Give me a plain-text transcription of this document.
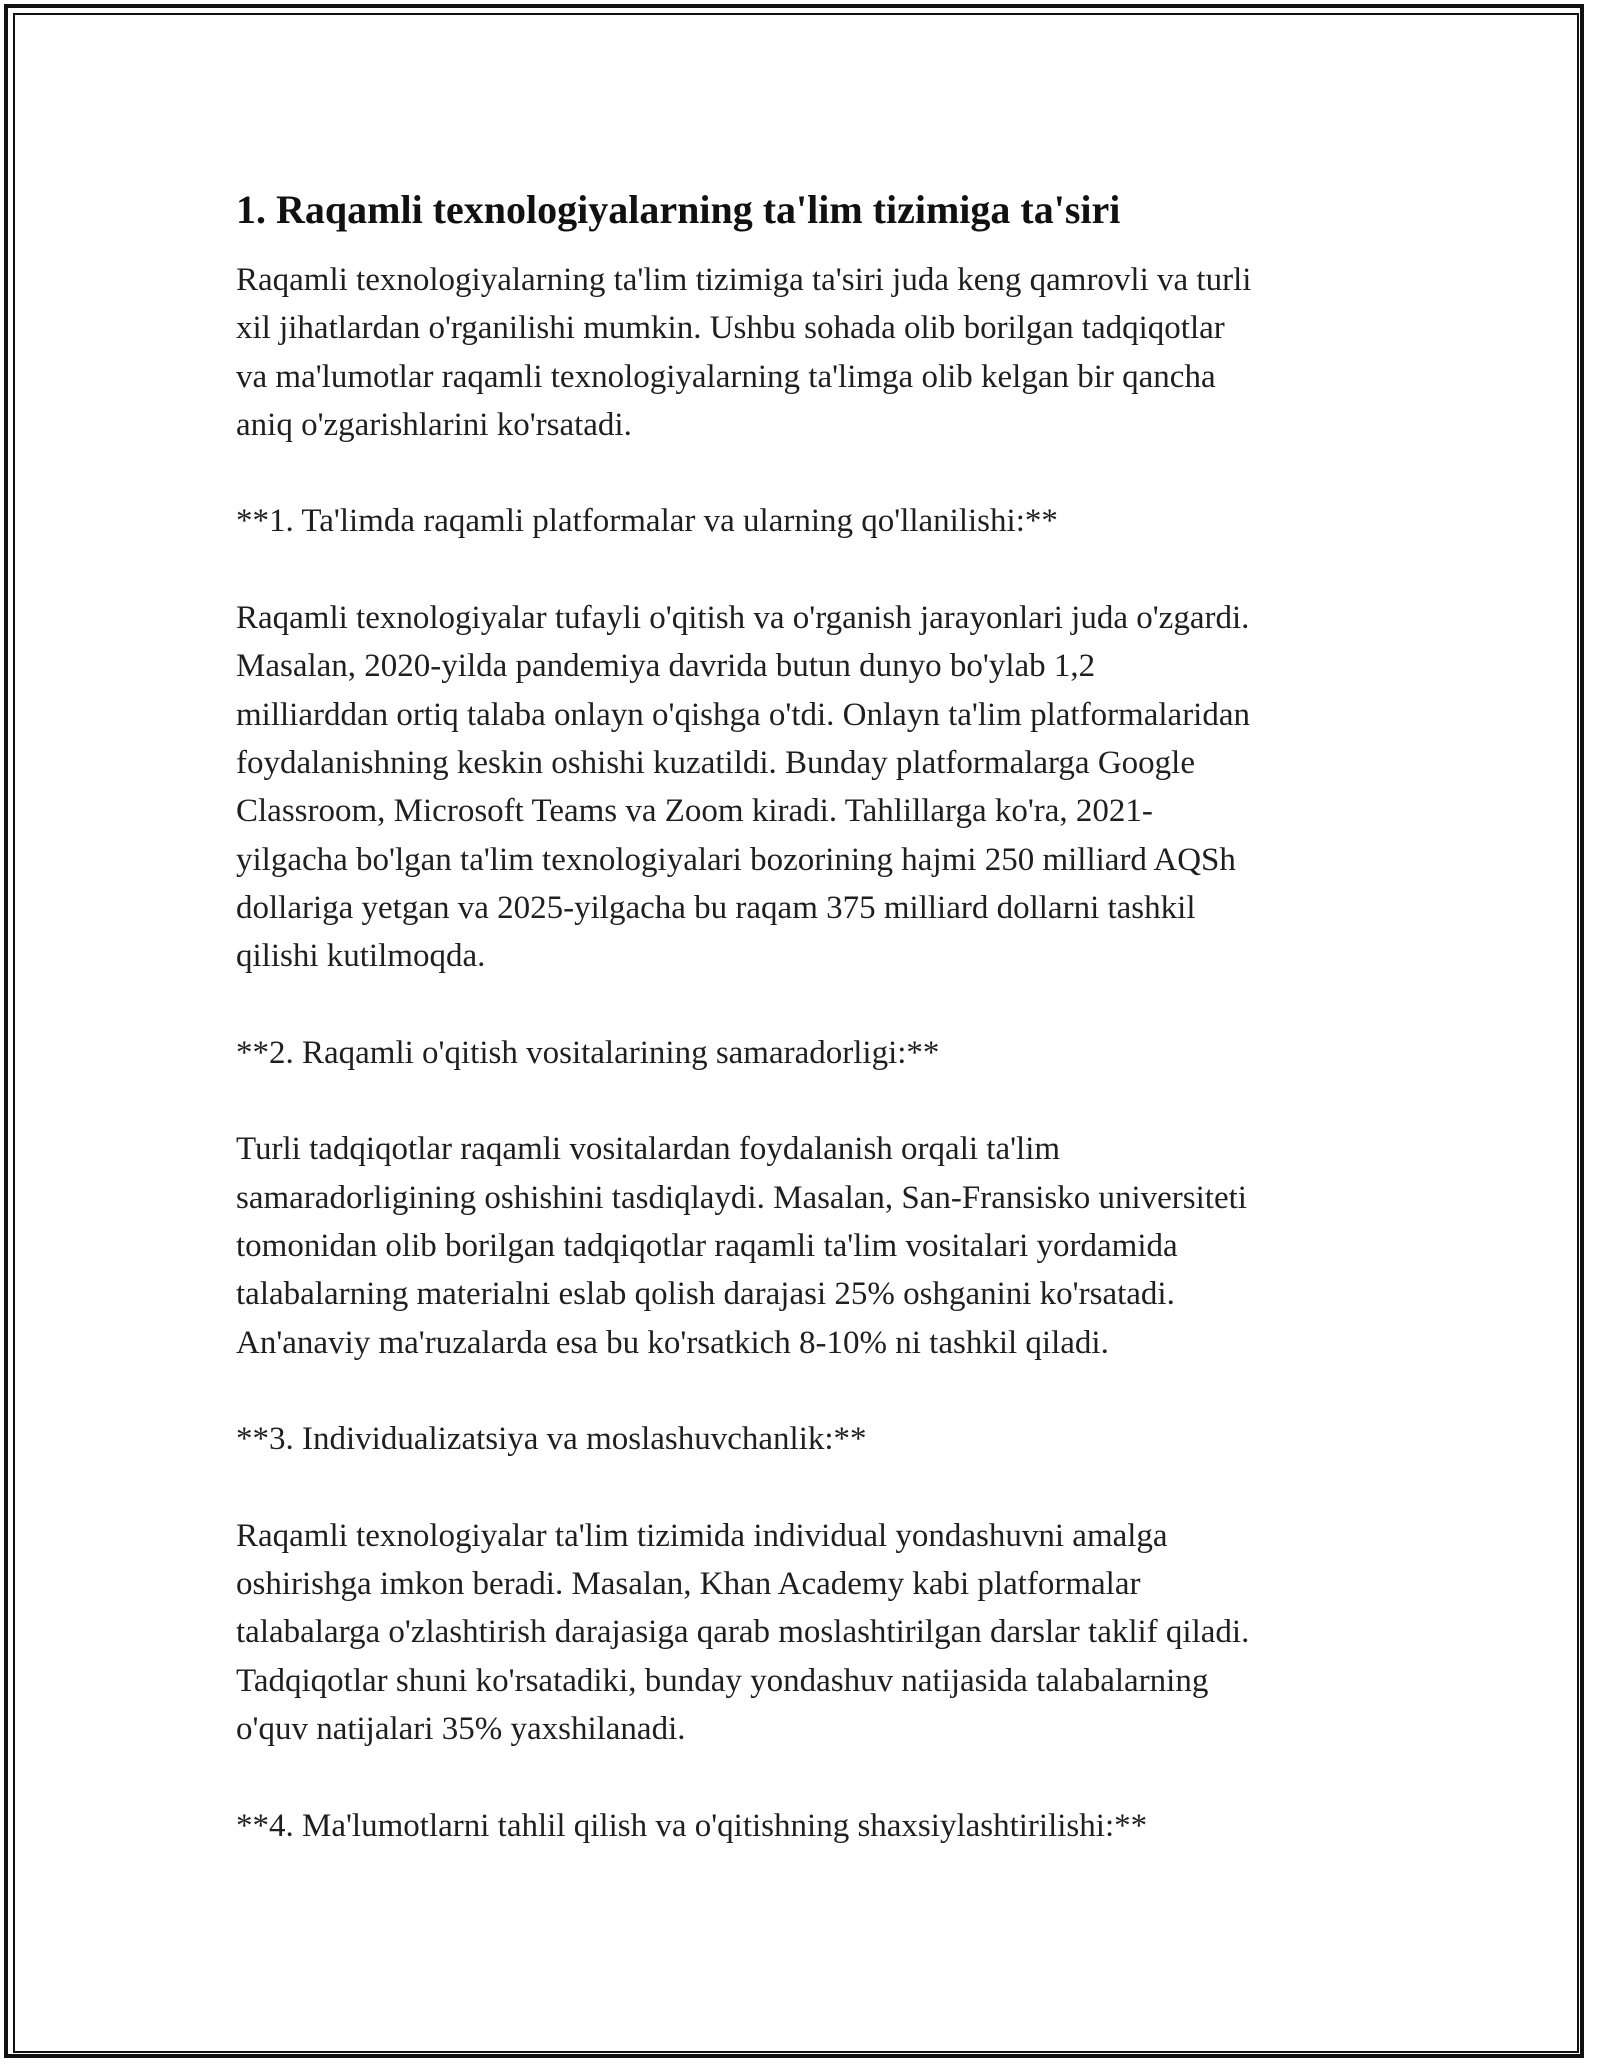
1. Raqamli texnologiyalarning ta'lim tizimiga ta'siri

Raqamli texnologiyalarning ta'lim tizimiga ta'siri juda keng qamrovli va turli
xil jihatlardan o'rganilishi mumkin. Ushbu sohada olib borilgan tadqiqotlar
va ma'lumotlar raqamli texnologiyalarning ta'limga olib kelgan bir qancha
aniq o'zgarishlarini ko'rsatadi.

**1. Ta'limda raqamli platformalar va ularning qo'llanilishi:**

Raqamli texnologiyalar tufayli o'qitish va o'rganish jarayonlari juda o'zgardi.
Masalan, 2020-yilda pandemiya davrida butun dunyo bo'ylab 1,2
milliarddan ortiq talaba onlayn o'qishga o'tdi. Onlayn ta'lim platformalaridan
foydalanishning keskin oshishi kuzatildi. Bunday platformalarga Google
Classroom, Microsoft Teams va Zoom kiradi. Tahlillarga ko'ra, 2021-
yilgacha bo'lgan ta'lim texnologiyalari bozorining hajmi 250 milliard AQSh
dollariga yetgan va 2025-yilgacha bu raqam 375 milliard dollarni tashkil
qilishi kutilmoqda.

**2. Raqamli o'qitish vositalarining samaradorligi:**

Turli tadqiqotlar raqamli vositalardan foydalanish orqali ta'lim
samaradorligining oshishini tasdiqlaydi. Masalan, San-Fransisko universiteti
tomonidan olib borilgan tadqiqotlar raqamli ta'lim vositalari yordamida
talabalarning materialni eslab qolish darajasi 25% oshganini ko'rsatadi.
An'anaviy ma'ruzalarda esa bu ko'rsatkich 8-10% ni tashkil qiladi.

**3. Individualizatsiya va moslashuvchanlik:**

Raqamli texnologiyalar ta'lim tizimida individual yondashuvni amalga
oshirishga imkon beradi. Masalan, Khan Academy kabi platformalar
talabalarga o'zlashtirish darajasiga qarab moslashtirilgan darslar taklif qiladi.
Tadqiqotlar shuni ko'rsatadiki, bunday yondashuv natijasida talabalarning
o'quv natijalari 35% yaxshilanadi.

**4. Ma'lumotlarni tahlil qilish va o'qitishning shaxsiylashtirilishi:**
